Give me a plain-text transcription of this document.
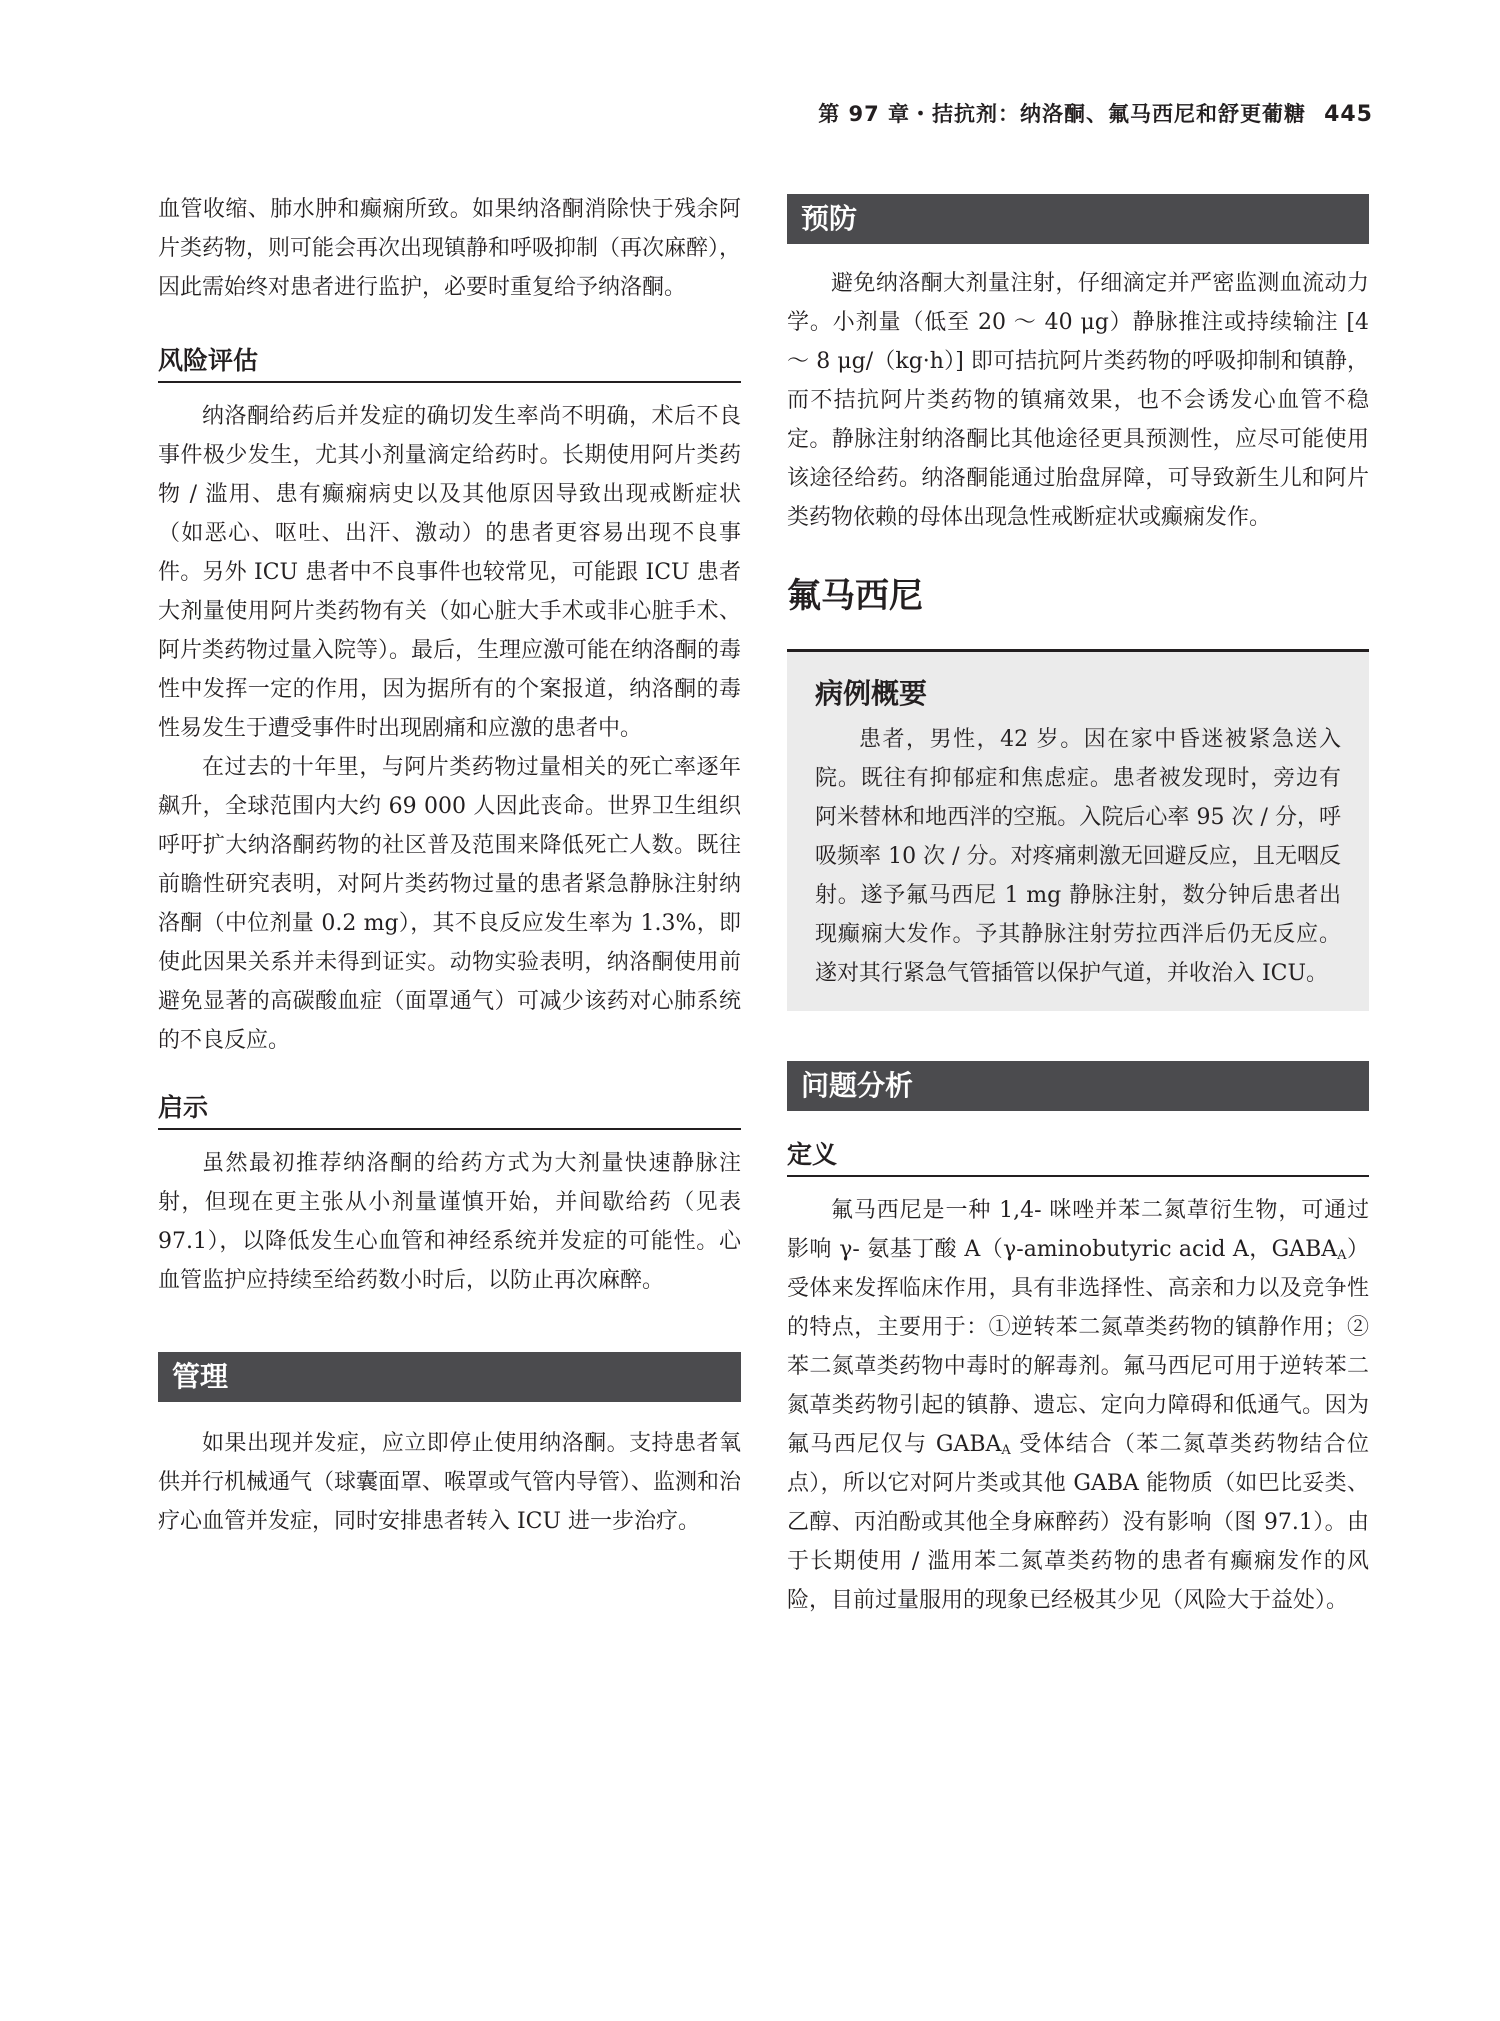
第 97 章・拮抗剂：纳洛酮、氟马西尼和舒更葡糖 445

血管收缩、肺水肿和癫痫所致。如果纳洛酮消除快于残余阿片类药物，则可能会再次出现镇静和呼吸抑制（再次麻醉），因此需始终对患者进行监护，必要时重复给予纳洛酮。

风险评估

纳洛酮给药后并发症的确切发生率尚不明确，术后不良事件极少发生，尤其小剂量滴定给药时。长期使用阿片类药物 / 滥用、患有癫痫病史以及其他原因导致出现戒断症状（如恶心、呕吐、出汗、激动）的患者更容易出现不良事件。另外 ICU 患者中不良事件也较常见，可能跟 ICU 患者大剂量使用阿片类药物有关（如心脏大手术或非心脏手术、阿片类药物过量入院等）。最后，生理应激可能在纳洛酮的毒性中发挥一定的作用，因为据所有的个案报道，纳洛酮的毒性易发生于遭受事件时出现剧痛和应激的患者中。

在过去的十年里，与阿片类药物过量相关的死亡率逐年飙升，全球范围内大约 69 000 人因此丧命。世界卫生组织呼吁扩大纳洛酮药物的社区普及范围来降低死亡人数。既往前瞻性研究表明，对阿片类药物过量的患者紧急静脉注射纳洛酮（中位剂量 0.2 mg），其不良反应发生率为 1.3%，即使此因果关系并未得到证实。动物实验表明，纳洛酮使用前避免显著的高碳酸血症（面罩通气）可减少该药对心肺系统的不良反应。

启示

虽然最初推荐纳洛酮的给药方式为大剂量快速静脉注射，但现在更主张从小剂量谨慎开始，并间歇给药（见表 97.1），以降低发生心血管和神经系统并发症的可能性。心血管监护应持续至给药数小时后，以防止再次麻醉。

管理

如果出现并发症，应立即停止使用纳洛酮。支持患者氧供并行机械通气（球囊面罩、喉罩或气管内导管）、监测和治疗心血管并发症，同时安排患者转入 ICU 进一步治疗。

预防

避免纳洛酮大剂量注射，仔细滴定并严密监测血流动力学。小剂量（低至 20 ～ 40 μg）静脉推注或持续输注 [4 ～ 8 μg/（kg·h）] 即可拮抗阿片类药物的呼吸抑制和镇静，而不拮抗阿片类药物的镇痛效果，也不会诱发心血管不稳定。静脉注射纳洛酮比其他途径更具预测性，应尽可能使用该途径给药。纳洛酮能通过胎盘屏障，可导致新生儿和阿片类药物依赖的母体出现急性戒断症状或癫痫发作。

氟马西尼
病例概要

患者，男性，42 岁。因在家中昏迷被紧急送入院。既往有抑郁症和焦虑症。患者被发现时，旁边有阿米替林和地西泮的空瓶。入院后心率 95 次 / 分，呼吸频率 10 次 / 分。对疼痛刺激无回避反应，且无咽反射。遂予氟马西尼 1 mg 静脉注射，数分钟后患者出现癫痫大发作。予其静脉注射劳拉西泮后仍无反应。遂对其行紧急气管插管以保护气道，并收治入 ICU。

问题分析
定义

氟马西尼是一种 1,4- 咪唑并苯二氮䓬衍生物，可通过影响 γ- 氨基丁酸 A（γ-aminobutyric acid A，$GABA_A$）受体来发挥临床作用，具有非选择性、高亲和力以及竞争性的特点，主要用于：①逆转苯二氮䓬类药物的镇静作用；②苯二氮䓬类药物中毒时的解毒剂。氟马西尼可用于逆转苯二氮䓬类药物引起的镇静、遗忘、定向力障碍和低通气。因为氟马西尼仅与 $GABA_A$ 受体结合（苯二氮䓬类药物结合位点），所以它对阿片类或其他 GABA 能物质（如巴比妥类、乙醇、丙泊酚或其他全身麻醉药）没有影响（图 97.1）。由于长期使用 / 滥用苯二氮䓬类药物的患者有癫痫发作的风险，目前过量服用的现象已经极其少见（风险大于益处）。
